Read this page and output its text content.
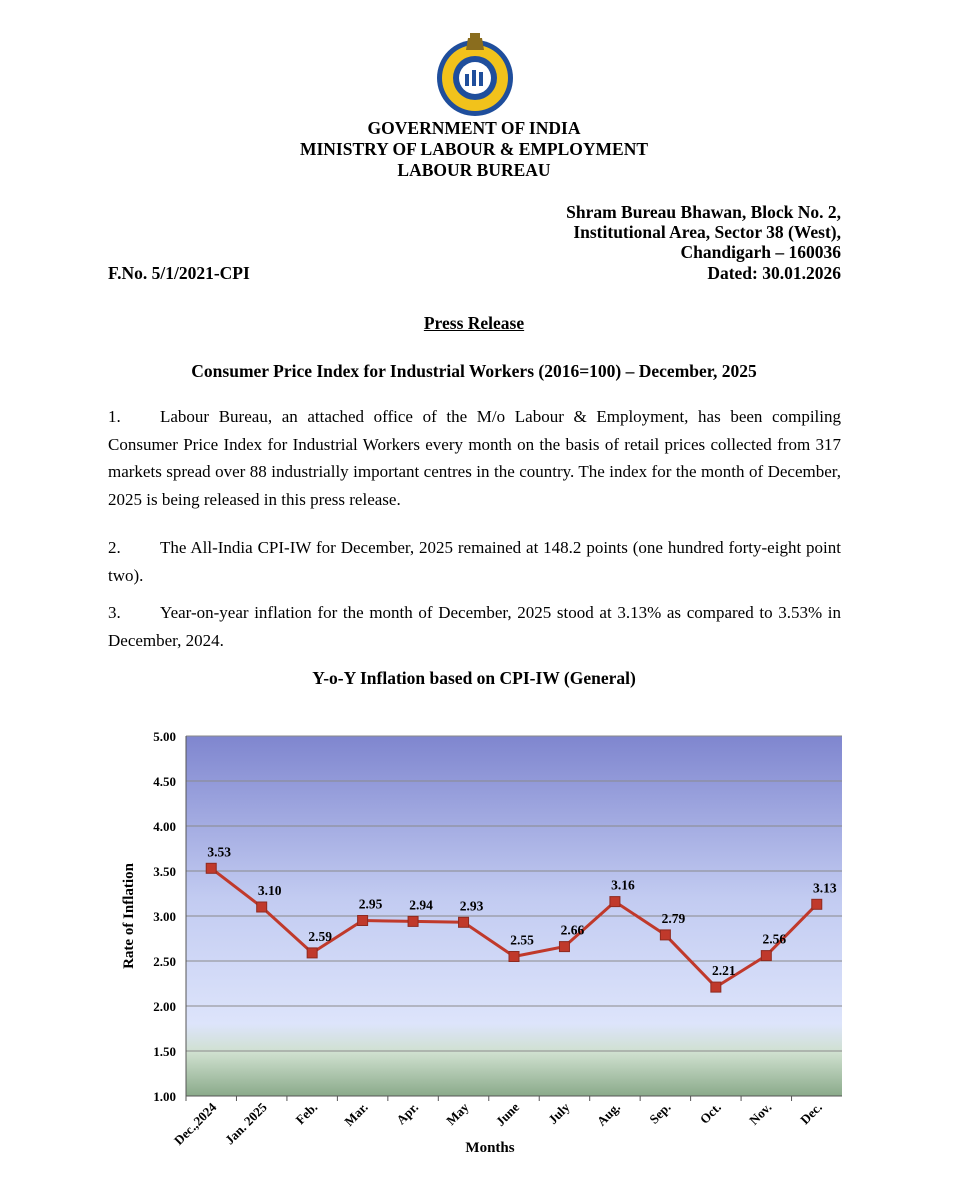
GOVERNMENT OF INDIA
MINISTRY OF LABOUR & EMPLOYMENT
LABOUR BUREAU
Shram Bureau Bhawan, Block No. 2,
Institutional Area, Sector 38 (West),
Chandigarh – 160036
Dated: 30.01.2026
F.No. 5/1/2021-CPI
Press Release
Consumer Price Index for Industrial Workers (2016=100) – December, 2025
1. Labour Bureau, an attached office of the M/o Labour & Employment, has been compiling Consumer Price Index for Industrial Workers every month on the basis of retail prices collected from 317 markets spread over 88 industrially important centres in the country. The index for the month of December, 2025 is being released in this press release.
2. The All-India CPI-IW for December, 2025 remained at 148.2 points (one hundred forty-eight point two).
3. Year-on-year inflation for the month of December, 2025 stood at 3.13% as compared to 3.53% in December, 2024.
Y-o-Y Inflation based on CPI-IW (General)
1.00
1.50
2.00
2.50
3.00
3.50
4.00
4.50
5.00
Dec.,2024 Jan. 2025 Feb. Mar. Apr. May June July Aug. Sep. Oct. Nov. Dec.
3.53
3.10
2.59
2.95 2.94 2.93
2.55
2.66
3.16
2.79
2.21
2.56
3.13
Rate of Inflation
Months
